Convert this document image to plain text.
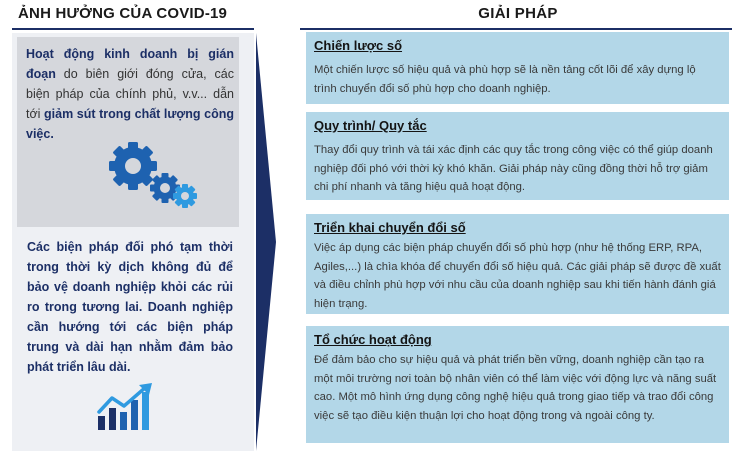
ẢNH HƯỞNG CỦA COVID-19
Hoạt động kinh doanh bị gián đoạn do biên giới đóng cửa, các biện pháp của chính phủ, v.v... dẫn tới giảm sút trong chất lượng công việc.
Các biện pháp đối phó tạm thời trong thời kỳ dịch không đủ để bảo vệ doanh nghiệp khỏi các rủi ro trong tương lai. Doanh nghiệp cần hướng tới các biện pháp trung và dài hạn nhằm đảm bảo phát triển lâu dài.
GIẢI PHÁP
Chiến lược số
Một chiến lược số hiệu quả và phù hợp sẽ là nền tảng cốt lõi để xây dựng lộ trình chuyển đổi số phù hợp cho doanh nghiệp.
Quy trình/ Quy tắc
Thay đổi quy trình và tái xác định các quy tắc trong công việc có thể giúp doanh nghiệp đối phó với thời kỳ khó khăn. Giải pháp này cũng đồng thời hỗ trợ giảm chi phí nhanh và tăng hiệu quả hoạt động.
Triển khai chuyển đổi số
Việc áp dụng các biện pháp chuyển đổi số phù hợp (như hệ thống ERP, RPA, Agiles,...) là chìa khóa để chuyển đổi số hiệu quả. Các giải pháp sẽ được đề xuất và điều chỉnh phù hợp với nhu cầu của doanh nghiệp sau khi tiến hành đánh giá hiện trạng.
Tổ chức hoạt động
Để đảm bảo cho sự hiệu quả và phát triển bền vững, doanh nghiệp cần tạo ra một môi trường nơi toàn bộ nhân viên có thể làm việc với động lực và năng suất cao. Một mô hình ứng dụng công nghệ hiệu quả trong giao tiếp và trao đổi công việc sẽ tạo điều kiện thuận lợi cho hoạt động trong và ngoài công ty.
